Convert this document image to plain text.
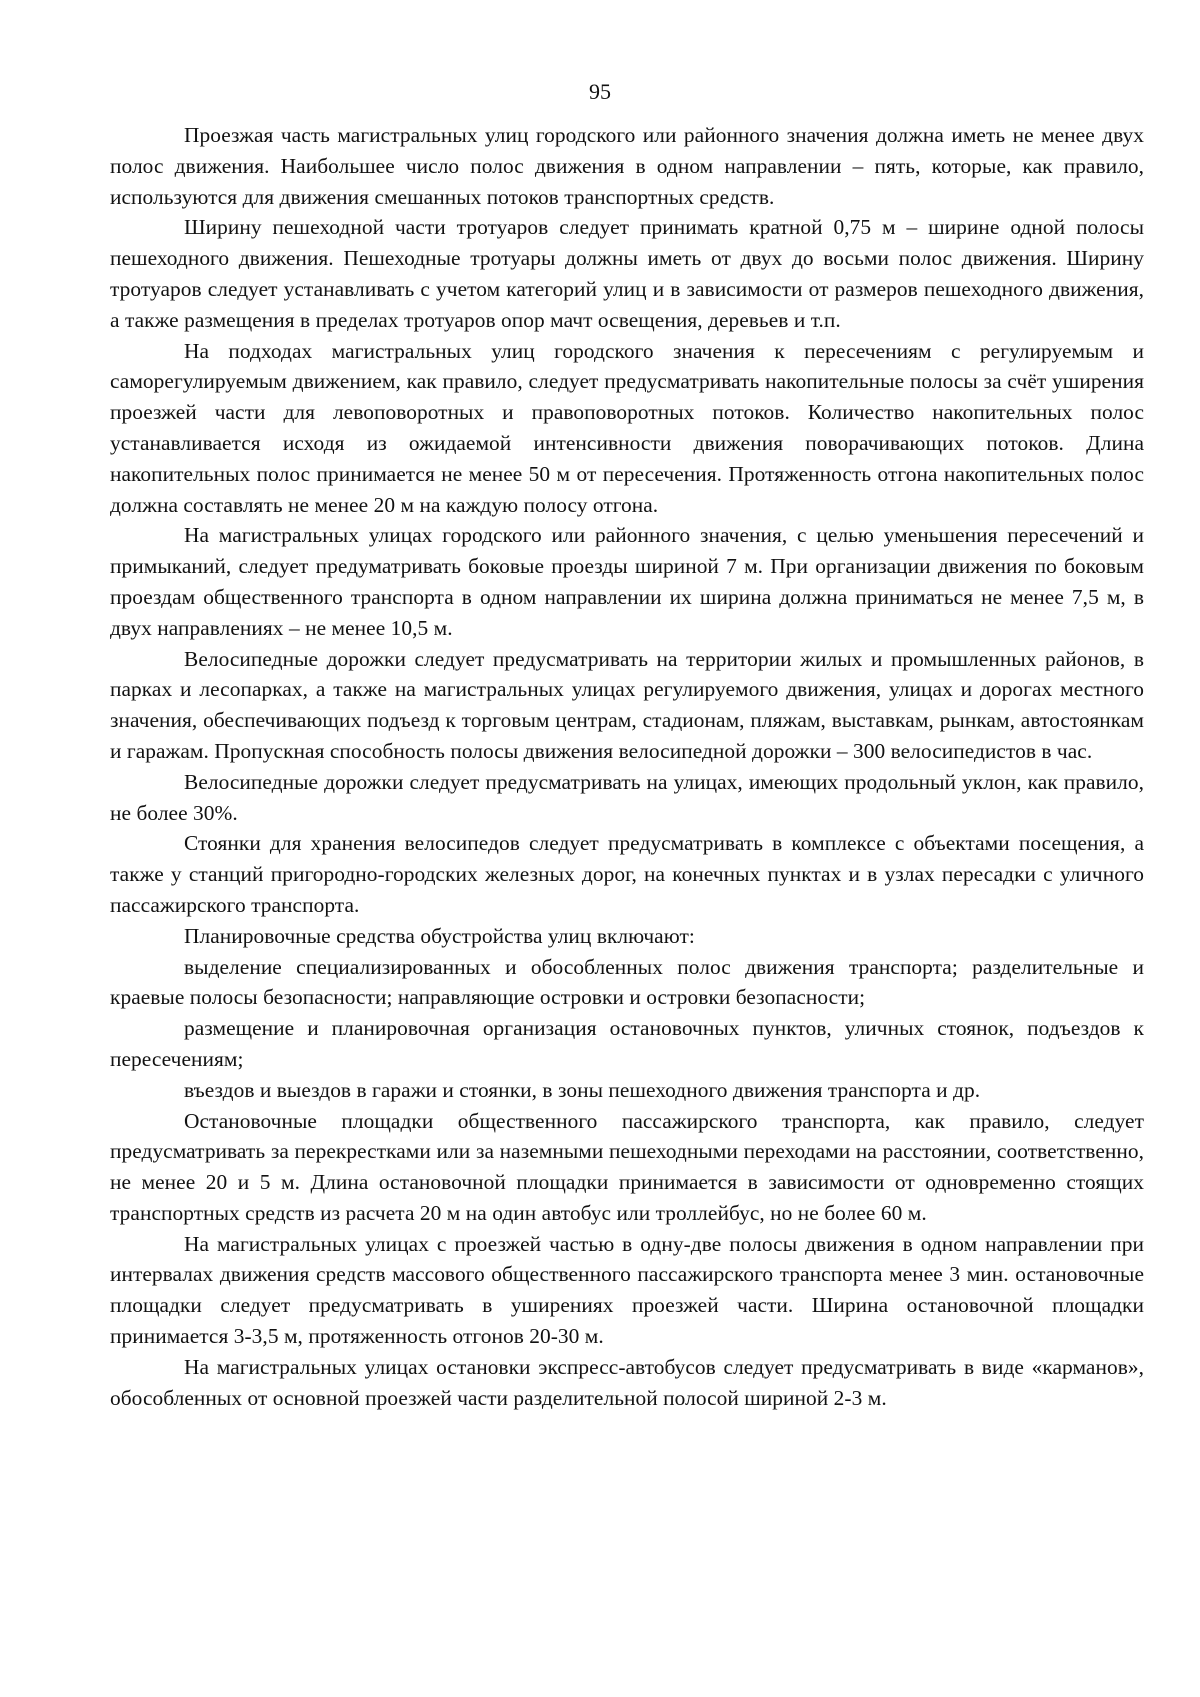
95

Проезжая часть магистральных улиц городского или районного значения должна иметь не менее двух полос движения. Наибольшее число полос движения в одном направлении – пять, которые, как правило, используются для движения смешанных потоков транспортных средств.

Ширину пешеходной части тротуаров следует принимать кратной 0,75 м – ширине одной полосы пешеходного движения. Пешеходные тротуары должны иметь от двух до восьми полос движения. Ширину тротуаров следует устанавливать с учетом категорий улиц и в зависимости от размеров пешеходного движения, а также размещения в пределах тротуаров опор мачт освещения, деревьев и т.п.

На подходах магистральных улиц городского значения к пересечениям с регулируемым и саморегулируемым движением, как правило, следует предусматривать накопительные полосы за счёт уширения проезжей части для левоповоротных и правоповоротных потоков. Количество накопительных полос устанавливается исходя из ожидаемой интенсивности движения поворачивающих потоков. Длина накопительных полос принимается не менее 50 м от пересечения. Протяженность отгона накопительных полос должна составлять не менее 20 м на каждую полосу отгона.

На магистральных улицах городского или районного значения, с целью уменьшения пересечений и примыканий, следует предуматривать боковые проезды шириной 7 м. При организации движения по боковым проездам общественного транспорта в одном направлении их ширина должна приниматься не менее 7,5 м, в двух направлениях – не менее 10,5 м.

Велосипедные дорожки следует предусматривать на территории жилых и промышленных районов, в парках и лесопарках, а также на магистральных улицах регулируемого движения, улицах и дорогах местного значения, обеспечивающих подъезд к торговым центрам, стадионам, пляжам, выставкам, рынкам, автостоянкам и гаражам. Пропускная способность полосы движения велосипедной дорожки – 300 велосипедистов в час.

Велосипедные дорожки следует предусматривать на улицах, имеющих продольный уклон, как правило, не более 30%.

Стоянки для хранения велосипедов следует предусматривать в комплексе с объектами посещения, а также у станций пригородно-городских железных дорог, на конечных пунктах и в узлах пересадки с уличного пассажирского транспорта.

Планировочные средства обустройства улиц включают:

выделение специализированных и обособленных полос движения транспорта; разделительные и краевые полосы безопасности; направляющие островки и островки безопасности;

размещение и планировочная организация остановочных пунктов, уличных стоянок, подъездов к пересечениям;

въездов и выездов в гаражи и стоянки, в зоны пешеходного движения транспорта и др.

Остановочные площадки общественного пассажирского транспорта, как правило, следует предусматривать за перекрестками или за наземными пешеходными переходами на расстоянии, соответственно, не менее 20 и 5 м. Длина остановочной площадки принимается в зависимости от одновременно стоящих транспортных средств из расчета 20 м на один автобус или троллейбус, но не более 60 м.

На магистральных улицах с проезжей частью в одну-две полосы движения в одном направлении при интервалах движения средств массового общественного пассажирского транспорта менее 3 мин. остановочные площадки следует предусматривать в уширениях проезжей части. Ширина остановочной площадки принимается 3-3,5 м, протяженность отгонов 20-30 м.

На магистральных улицах остановки экспресс-автобусов следует предусматривать в виде «карманов», обособленных от основной проезжей части разделительной полосой шириной 2-3 м.
